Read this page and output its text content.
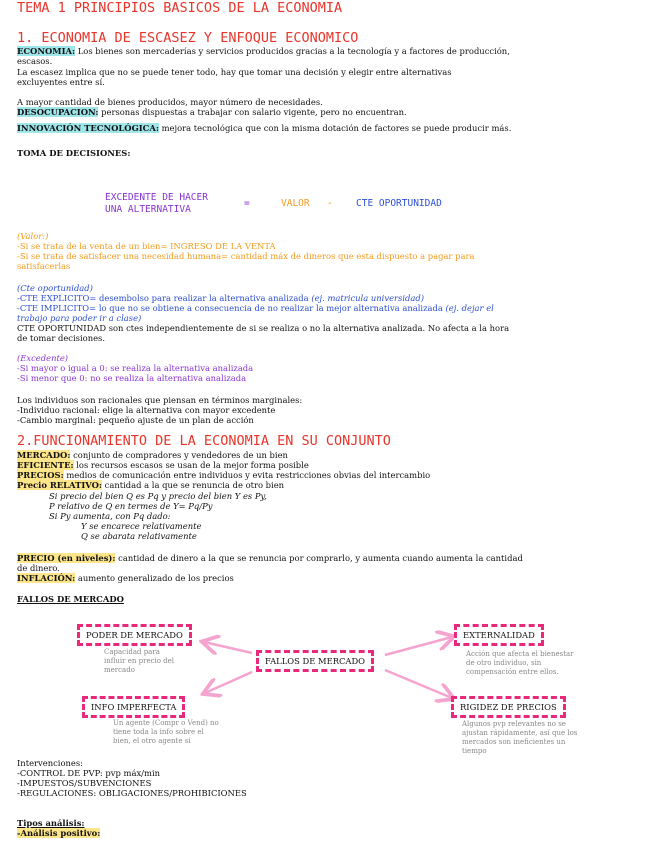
TEMA 1 PRINCIPIOS BASICOS DE LA ECONOMIA
1. ECONOMIA DE ESCASEZ Y ENFOQUE ECONOMICO
ECONOMIA: Los bienes son mercaderías y servicios producidos gracias a la tecnología y a factores de producción,
escasos.
La escasez implica que no se puede tener todo, hay que tomar una decisión y elegir entre alternativas
excluyentes entre sí.
A mayor cantidad de bienes producidos, mayor número de necesidades.
DESOCUPACION: personas dispuestas a trabajar con salario vigente, pero no encuentran.
INNOVACIÓN TECNOLÓGICA: mejora tecnológica que con la misma dotación de factores se puede producir más.
TOMA DE DECISIONES:
EXCEDENTE DE HACER
UNA ALTERNATIVA
=	VALOR - CTE OPORTUNIDAD
(Valor:)
-Si se trata de la venta de un bien= INGRESO DE LA VENTA
-Si se trata de satisfacer una necesidad humana= cantidad máx de dineros que esta dispuesto a pagar para
satisfacerlas
(Cte oportunidad)
-CTE EXPLICITO= desembolso para realizar la alternativa analizada (ej. matricula universidad)
-CTE IMPLICITO= lo que no se obtiene a consecuencia de no realizar la mejor alternativa analizada (ej. dejar el
trabajo para poder ir a clase)
CTE OPORTUNIDAD son ctes independientemente de si se realiza o no la alternativa analizada. No afecta a la hora
de tomar decisiones.
(Excedente)
-Si mayor o igual a 0: se realiza la alternativa analizada
-Si menor que 0: no se realiza la alternativa analizada
Los individuos son racionales que piensan en términos marginales:
-Individuo racional: elige la alternativa con mayor excedente
-Cambio marginal: pequeño ajuste de un plan de acción
2.FUNCIONAMIENTO DE LA ECONOMIA EN SU CONJUNTO
MERCADO: conjunto de compradores y vendedores de un bien
EFICIENTE: los recursos escasos se usan de la mejor forma posible
PRECIOS: medios de comunicación entre individuos y evita restricciones obvias del intercambio
Precio RELATIVO: cantidad a la que se renuncia de otro bien
Si precio del bien Q es Pq y precio del bien Y es Py,
P relativo de Q en termes de Y= Pq/Py
Si Py aumenta, con Pq dado:
Y se encarece relativamente
Q se abarata relativamente
PRECIO (en niveles): cantidad de dinero a la que se renuncia por comprarlo, y aumenta cuando aumenta la cantidad
de dinero.
INFLACIÓN: aumento generalizado de los precios
FALLOS DE MERCADO
FALLOS DE MERCADO
PODER DE MERCADO
Capacidad para
influir en precio del
mercado
EXTERNALIDAD
Acción que afecta el bienestar
de otro individuo, sin
compensación entre ellos.
INFO IMPERFECTA
Un agente (Compr o Vend) no
tiene toda la info sobre el
bien, el otro agente si
RIGIDEZ DE PRECIOS
Algunos pvp relevantes no se
ajustan rápidamente, así que los
mercados son ineficientes un
tiempo
Intervenciones:
-CONTROL DE PVP: pvp máx/min
-IMPUESTOS/SUBVENCIONES
-REGULACIONES: OBLIGACIONES/PROHIBICIONES
Tipos análisis:
-Análisis positivo:
